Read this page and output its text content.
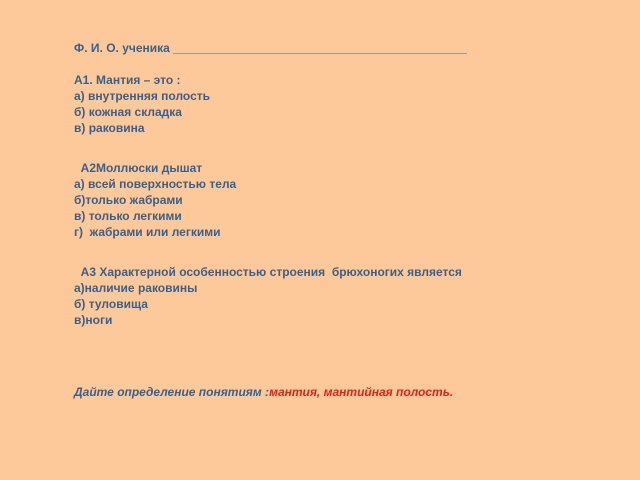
Ф. И. О. ученика ____________________________________________
А1. Мантия – это :
а) внутренняя полость
б) кожная складка
в) раковина
А2Моллюски дышат
а) всей поверхностью тела
б)только жабрами
в) только легкими
г)  жабрами или легкими
А3 Характерной особенностью строения  брюхоногих является
а)наличие раковины
б) туловища
в)ноги
Дайте определение понятиям :мантия, мантийная полость.
